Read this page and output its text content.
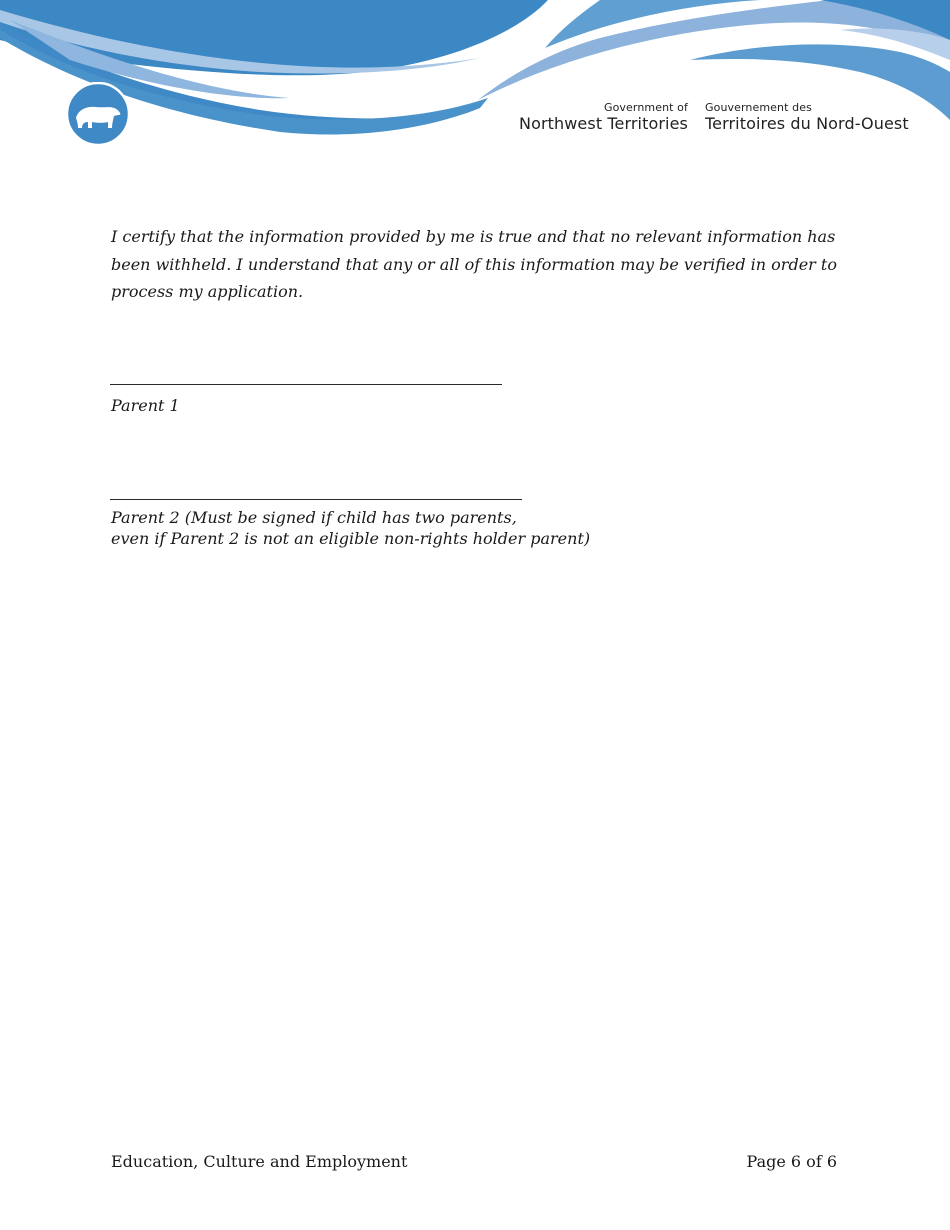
Government of
Northwest Territories
Gouvernement des
Territoires du Nord-Ouest

I certify that the information provided by me is true and that no relevant information has been withheld. I understand that any or all of this information may be verified in order to process my application.

Parent 1

Parent 2 (Must be signed if child has two parents,
even if Parent 2 is not an eligible non-rights holder parent)

Education, Culture and Employment	Page 6 of 6
